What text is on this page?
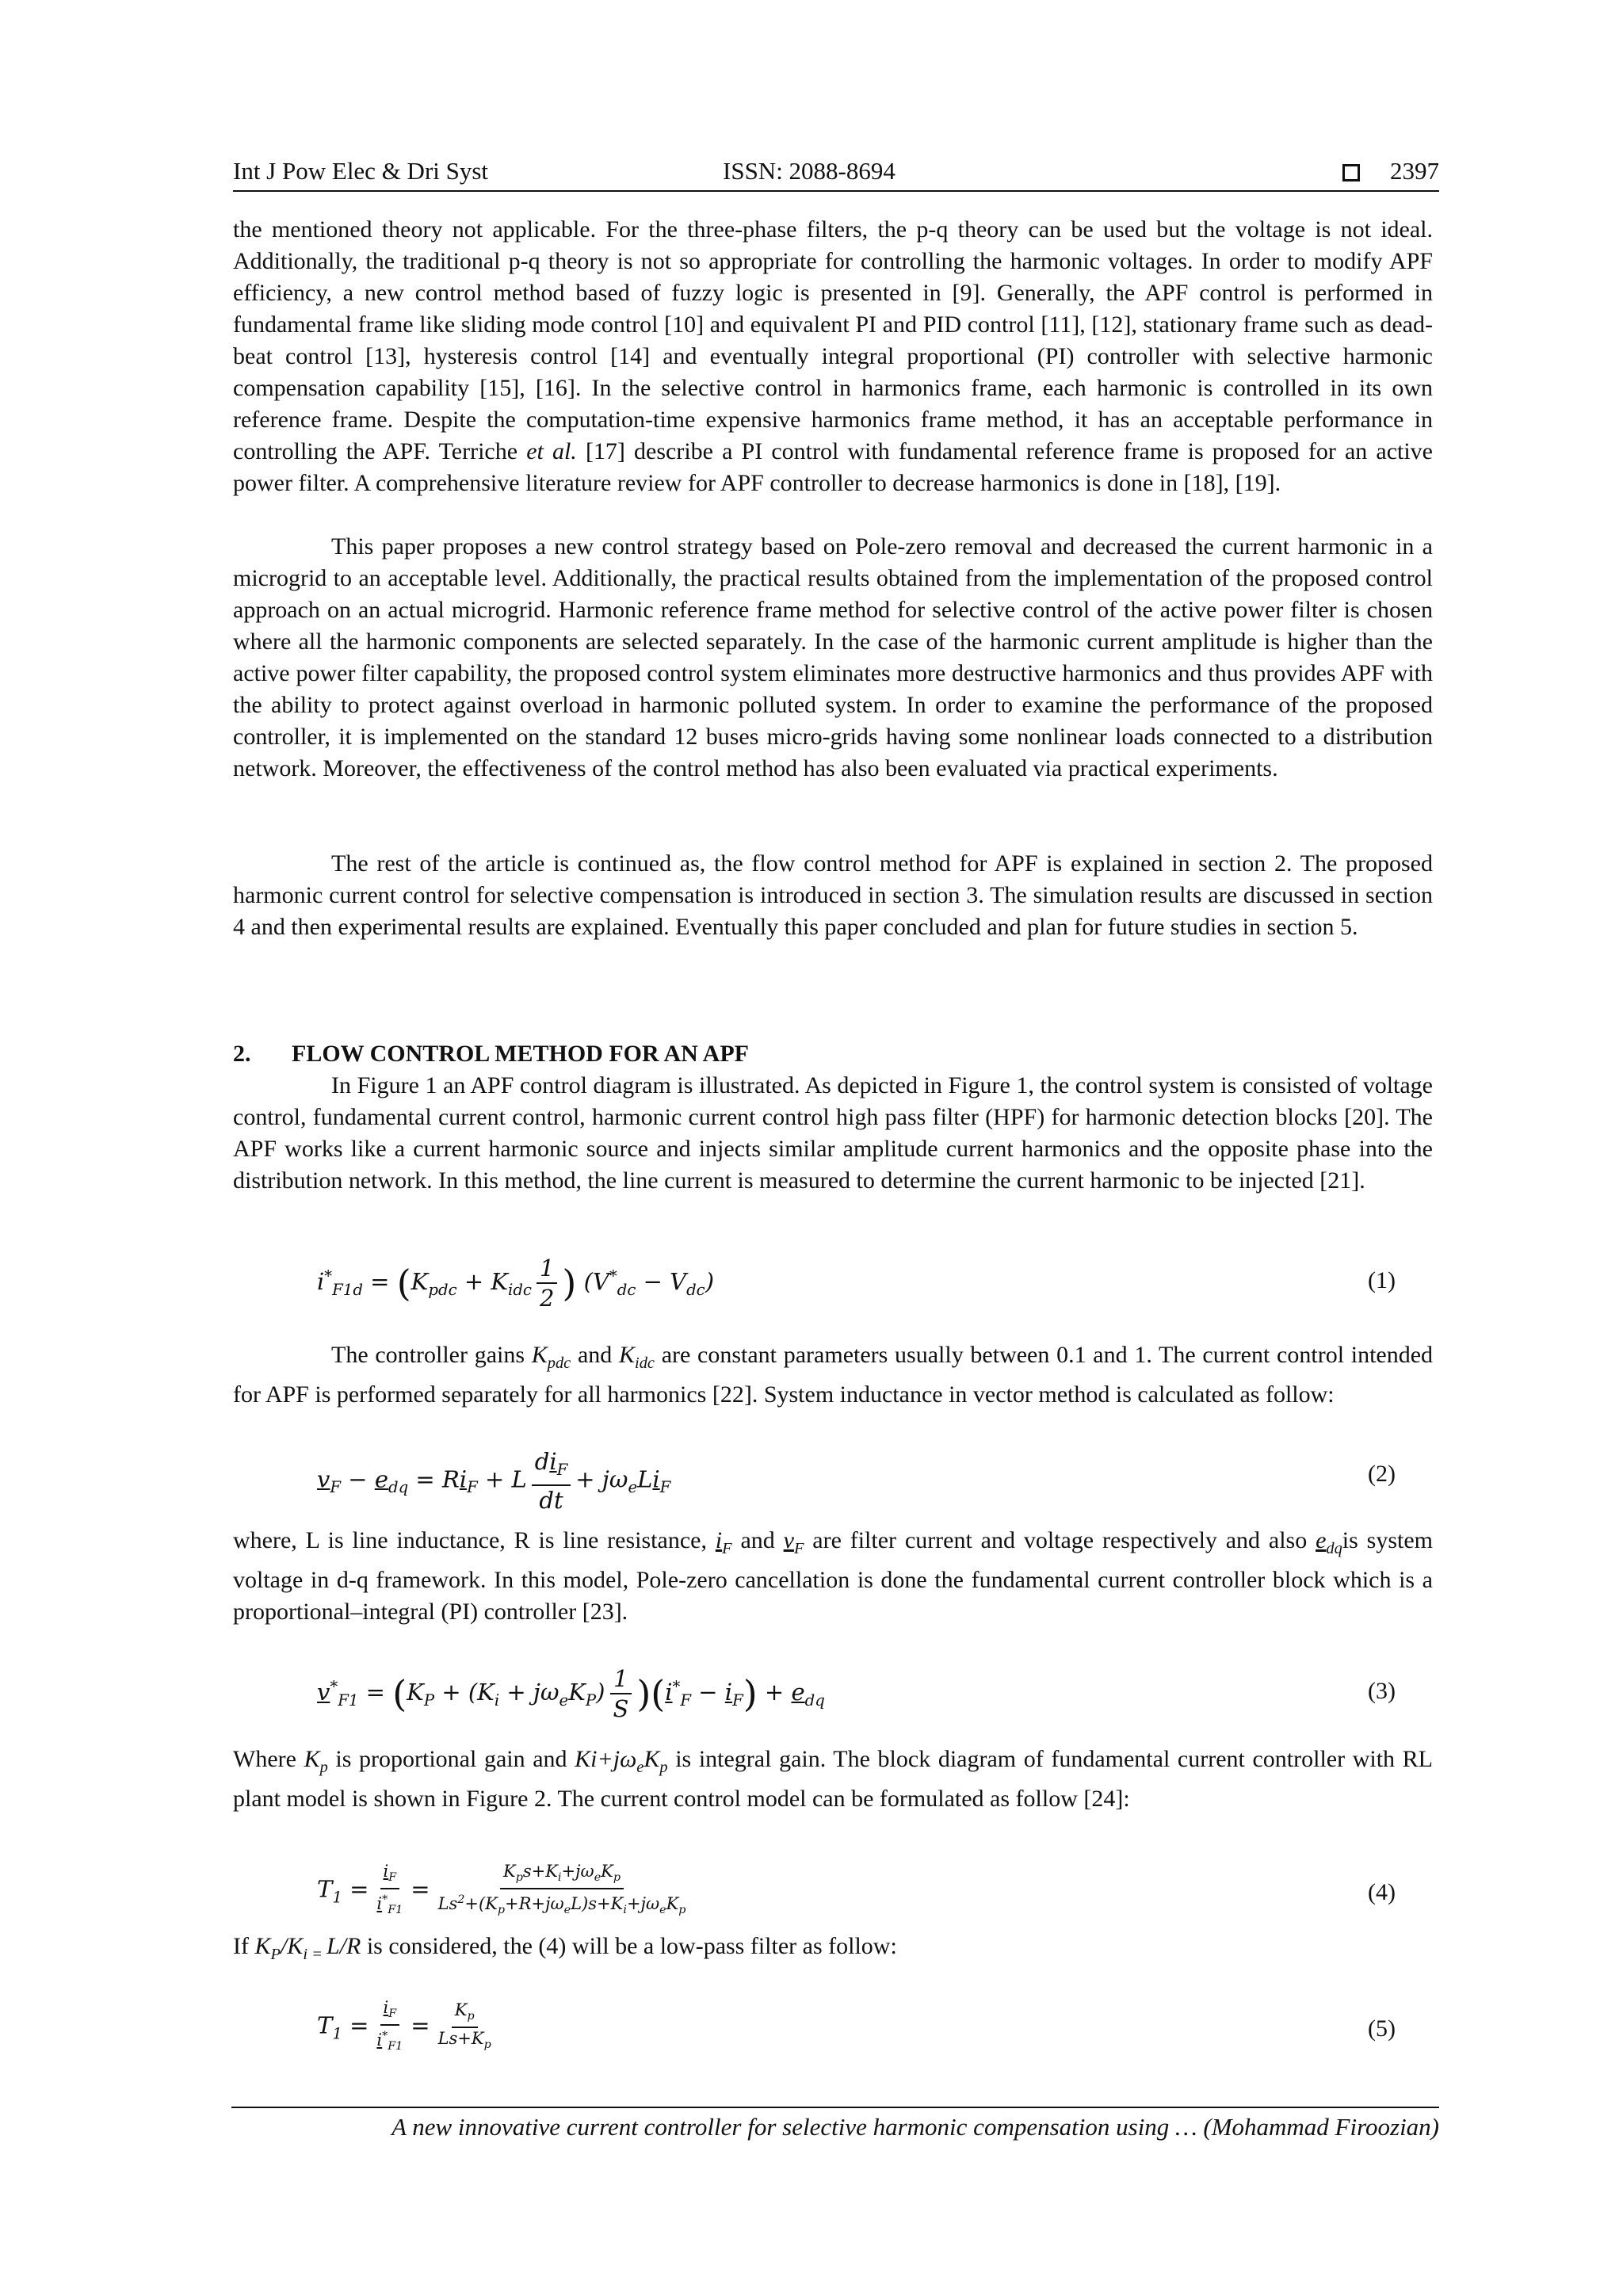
Int J Pow Elec & Dri Syst	ISSN: 2088-8694	2397
the mentioned theory not applicable. For the three-phase filters, the p-q theory can be used but the voltage is not ideal. Additionally, the traditional p-q theory is not so appropriate for controlling the harmonic voltages. In order to modify APF efficiency, a new control method based of fuzzy logic is presented in [9]. Generally, the APF control is performed in fundamental frame like sliding mode control [10] and equivalent PI and PID control [11], [12], stationary frame such as dead-beat control [13], hysteresis control [14] and eventually integral proportional (PI) controller with selective harmonic compensation capability [15], [16]. In the selective control in harmonics frame, each harmonic is controlled in its own reference frame. Despite the computation-time expensive harmonics frame method, it has an acceptable performance in controlling the APF. Terriche et al. [17] describe a PI control with fundamental reference frame is proposed for an active power filter. A comprehensive literature review for APF controller to decrease harmonics is done in [18], [19].
This paper proposes a new control strategy based on Pole-zero removal and decreased the current harmonic in a microgrid to an acceptable level. Additionally, the practical results obtained from the implementation of the proposed control approach on an actual microgrid. Harmonic reference frame method for selective control of the active power filter is chosen where all the harmonic components are selected separately. In the case of the harmonic current amplitude is higher than the active power filter capability, the proposed control system eliminates more destructive harmonics and thus provides APF with the ability to protect against overload in harmonic polluted system. In order to examine the performance of the proposed controller, it is implemented on the standard 12 buses micro-grids having some nonlinear loads connected to a distribution network. Moreover, the effectiveness of the control method has also been evaluated via practical experiments.
The rest of the article is continued as, the flow control method for APF is explained in section 2. The proposed harmonic current control for selective compensation is introduced in section 3. The simulation results are discussed in section 4 and then experimental results are explained. Eventually this paper concluded and plan for future studies in section 5.
2. FLOW CONTROL METHOD FOR AN APF
In Figure 1 an APF control diagram is illustrated. As depicted in Figure 1, the control system is consisted of voltage control, fundamental current control, harmonic current control high pass filter (HPF) for harmonic detection blocks [20]. The APF works like a current harmonic source and injects similar amplitude current harmonics and the opposite phase into the distribution network. In this method, the line current is measured to determine the current harmonic to be injected [21].
$i^*_{F1d} = (K_{pdc} + K_{idc} \frac{1}{2}$ ) $(V^*_{dc} - V_{dc})$	(1)
The controller gains $K_{pdc}$ and $K_{idc}$ are constant parameters usually between 0.1 and 1. The current control intended for APF is performed separately for all harmonics [22]. System inductance in vector method is calculated as follow:
$v_F - e_{dq} = Ri_F + L \frac{di_F}{dt} + j\omega_eLi_F$
(2)
where, L is line inductance, R is line resistance, $i_F$ and $v_F$ are filter current and voltage respectively and also $e_{dq}is$ system voltage in d-q framework. In this model, Pole-zero cancellation is done the fundamental current controller block which is a proportional–integral (PI) controller [23].
$v^*_{F1} = (K_P + (K_i + j\omega_eK_P) \frac{1}{S} )(i^*_F - i_F) + e_{dq}$	(3)
Where $K_p$ is proportional gain and $Ki+j\omega_eK_p$ is integral gain. The block diagram of fundamental current controller with RL plant model is shown in Figure 2. The current control model can be formulated as follow [24]:
$T_1 = \frac{i_F}{i^*_{F1}} = \frac{K_ps+K_i+j\omega_eK_p}{Ls^2+(K_p+R+j\omega_eL)s+K_i+j\omega_eK_p}$	(4)
If $K_P/K_{i =}$ L/R is considered, the (4) will be a low-pass filter as follow:
$T_1 = \frac{i_F}{i^*_{F1}} = \frac{K_p}{Ls+K_p}$	(5)
A new innovative current controller for selective harmonic compensation using … (Mohammad Firoozian)
